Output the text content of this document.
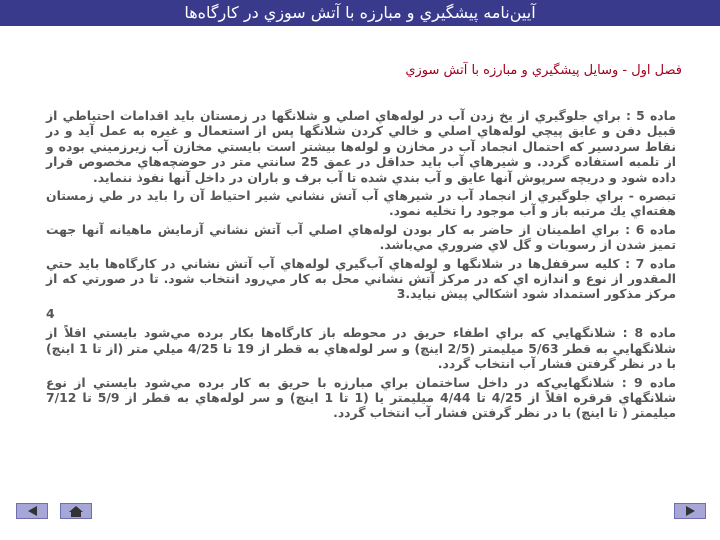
آيين‌نامه پيشگيري و مبارزه با آتش سوزي در كارگاه‌ها
فصل اول - وسايل پيشگيري و مبارزه با آتش سوزي

ماده 5 : براي جلوگيري از يخ زدن آب در لوله‌هاي اصلي و شلانگها در زمستان بايد اقدامات احتياطي از قبيل دفن و عايق پيچي لوله‌هاي اصلي و خالي كردن شلانگها پس از استعمال و غيره به عمل آيد و در نقاط سردسير كه احتمال انجماد آب در مخازن و لوله‌ها بيشتر است بايستي مخازن آب زيرزميني بوده و از تلمبه استفاده گردد. و شيرهاي آب بايد حداقل در عمق 25 سانتي متر در حوضچه‌هاي مخصوص قرار داده شود و دريچه سرپوش آنها عايق و آب بندي شده تا آب برف و باران در داخل آنها نفوذ ننمايد.

تبصره - براي جلوگيري از انجماد آب در شيرهاي آب آتش نشاني شير احتياط آن را بايد در طي زمستان هفته‌اي يك مرتبه باز و آب موجود را تخليه نمود.

ماده 6 : براي اطمينان از حاضر به كار بودن لوله‌هاي اصلي آب آتش نشاني آزمايش ماهيانه آنها جهت تميز شدن از رسوبات و گل لاي ضروري مي‌باشد.

ماده 7 : كليه سرقفل‌ها در شلانگها و لوله‌هاي آب‌گيري لوله‌هاي آب آتش نشاني در كارگاه‌ها بايد حتي المقدور از نوع و اندازه اي كه در مركز آتش نشاني محل به كار مي‌رود انتخاب شود. تا در صورتي كه از مركز مذكور استمداد شود اشكالي پيش نيايد.3

4

ماده 8 : شلانگهايي كه براي اطفاء حريق در محوطه باز كارگاه‌ها بكار برده مي‌شود بايستي اقلاً از شلانگهايي به قطر 5/63 ميليمتر (2/5 اينچ) و سر لوله‌هاي به قطر از 19 تا 4/25 ميلي متر (از تا 1 اينچ) با در نظر گرفتن فشار آب انتخاب گردد.

ماده 9 : شلانگهايي‌كه در داخل ساختمان براي مبارزه با حريق به كار برده مي‌شود بايستي از نوع شلانگهاي قرقره اقلاً از 4/25 تا 4/44 ميليمتر يا (1 تا 1 اينچ) و سر لوله‌هاي به قطر از 5/9 تا 7/12 ميليمتر ( تا اينچ) با در نظر گرفتن فشار آب انتخاب گردد.
